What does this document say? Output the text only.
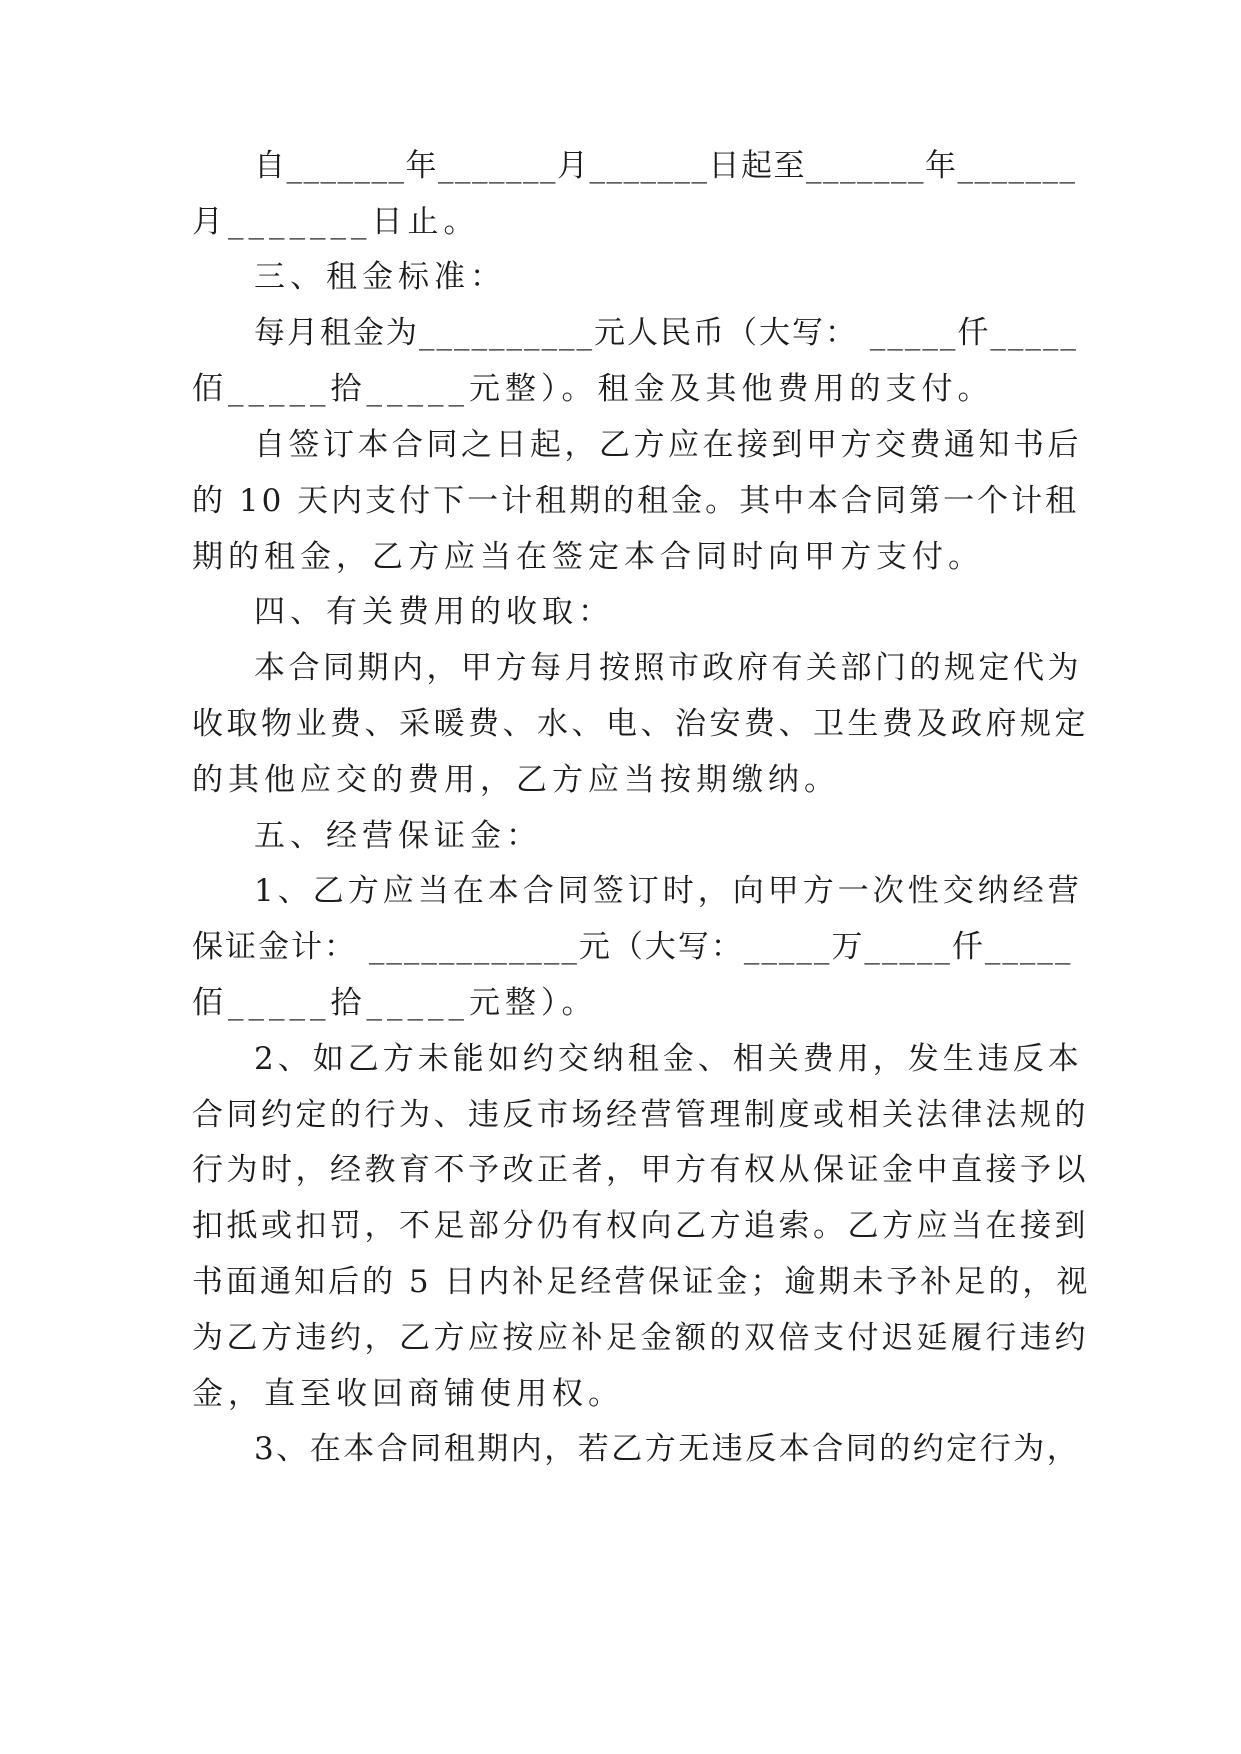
自_______年_______月_______日起至_______年_______
月_______日止。
三、租金标准：
每月租金为__________元人民币（大写： _____仟_____
佰_____拾_____元整）。租金及其他费用的支付。
自签订本合同之日起，乙方应在接到甲方交费通知书后
的 10 天内支付下一计租期的租金。其中本合同第一个计租
期的租金，乙方应当在签定本合同时向甲方支付。
四、有关费用的收取：
本合同期内，甲方每月按照市政府有关部门的规定代为
收取物业费、采暖费、水、电、治安费、卫生费及政府规定
的其他应交的费用，乙方应当按期缴纳。
五、经营保证金：
1、乙方应当在本合同签订时，向甲方一次性交纳经营
保证金计： ____________元（大写：_____万_____仟_____
佰_____拾_____元整）。
2、如乙方未能如约交纳租金、相关费用，发生违反本
合同约定的行为、违反市场经营管理制度或相关法律法规的
行为时，经教育不予改正者，甲方有权从保证金中直接予以
扣抵或扣罚，不足部分仍有权向乙方追索。乙方应当在接到
书面通知后的 5 日内补足经营保证金；逾期未予补足的，视
为乙方违约，乙方应按应补足金额的双倍支付迟延履行违约
金，直至收回商铺使用权。
3、在本合同租期内，若乙方无违反本合同的约定行为，
